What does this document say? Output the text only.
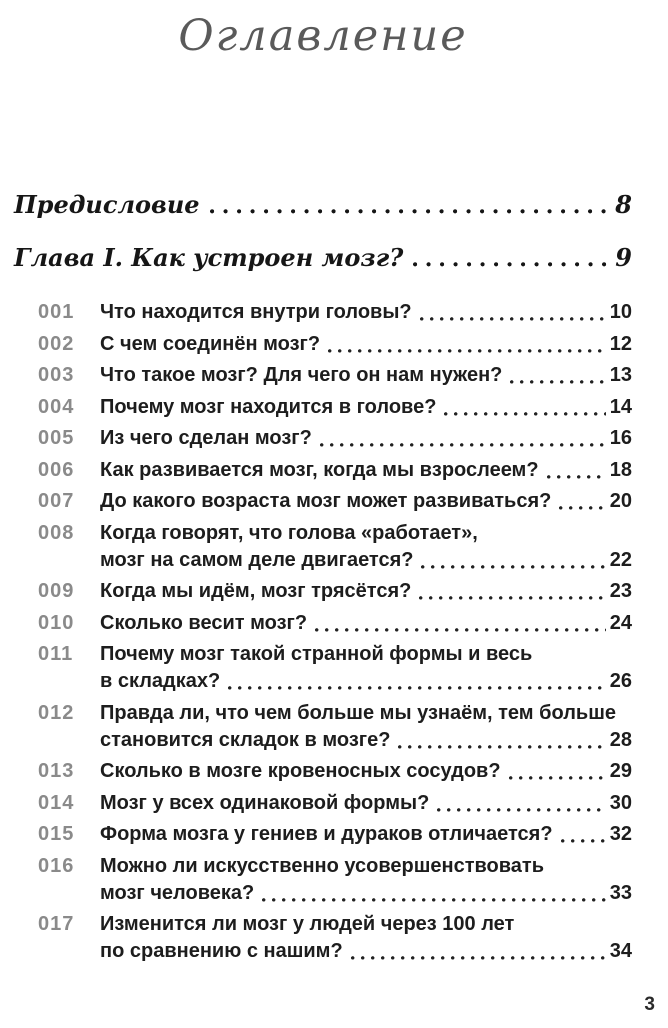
Оглавление
Предисловие	8
Глава I. Как устроен мозг?	9
001	Что находится внутри головы?	10
002	С чем соединён мозг?	12
003	Что такое мозг? Для чего он нам нужен?	13
004	Почему мозг находится в голове?	14
005	Из чего сделан мозг?	16
006	Как развивается мозг, когда мы взрослеем?	18
007	До какого возраста мозг может развиваться?	20
008	Когда говорят, что голова «работает»,
мозг на самом деле двигается?	22
009	Когда мы идём, мозг трясётся?	23
010	Сколько весит мозг?	24
011	Почему мозг такой странной формы и весь
в складках?	26
012	Правда ли, что чем больше мы узнаём, тем больше
становится складок в мозге?	28
013	Сколько в мозге кровеносных сосудов?	29
014	Мозг у всех одинаковой формы?	30
015	Форма мозга у гениев и дураков отличается?	32
016	Можно ли искусственно усовершенствовать
мозг человека?	33
017	Изменится ли мозг у людей через 100 лет
по сравнению с нашим?	34
3
